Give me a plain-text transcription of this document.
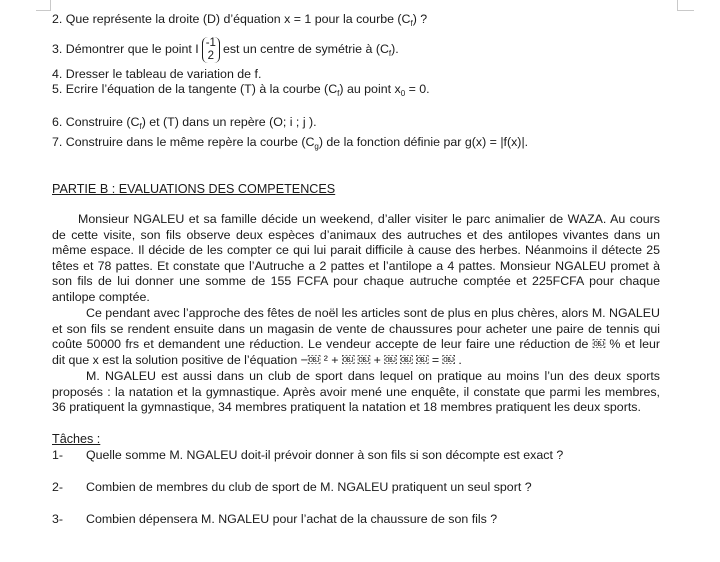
2. Que représente la droite (D) d’équation x = 1 pour la courbe $(C_f)$ ?
3. Démontrer que le point I -1
2 est un centre de symétrie à $(C_f)$.
4. Dresser le tableau de variation de f.
5. Ecrire l’équation de la tangente (T) à la courbe $(C_f)$ au point $x_0 = 0$.
6. Construire $(C_f)$ et (T) dans un repère (O; i ; j ).
7. Construire dans le même repère la courbe $(C_g)$ de la fonction définie par g(x) = |f(x)|.
PARTIE B : EVALUATIONS DES COMPETENCES
Monsieur NGALEU et sa famille décide un weekend, d’aller visiter le parc animalier de WAZA. Au cours de cette visite, son fils observe deux espèces d’animaux des autruches et des antilopes vivantes dans un même espace. Il décide de les compter ce qui lui parait difficile à cause des herbes. Néanmoins il détecte 25 têtes et 78 pattes. Et constate que l’Autruche a 2 pattes et l’antilope a 4 pattes. Monsieur NGALEU promet à son fils de lui donner une somme de 155 FCFA pour chaque autruche comptée et 225FCFA pour chaque antilope comptée.
Ce pendant avec l’approche des fêtes de noël les articles sont de plus en plus chères, alors M. NGALEU et son fils se rendent ensuite dans un magasin de vente de chaussures pour acheter une paire de tennis qui coûte 50000 frs et demandent une réduction. Le vendeur accepte de leur faire une réduction de ￼ % et leur dit que x est la solution positive de l’équation −￼ ² + ￼ ￼ + ￼ ￼ ￼ = ￼ .
M. NGALEU est aussi dans un club de sport dans lequel on pratique au moins l’un des deux sports proposés : la natation et la gymnastique. Après avoir mené une enquête, il constate que parmi les membres, 36 pratiquent la gymnastique, 34 membres pratiquent la natation et 18 membres pratiquent les deux sports.
Tâches :
1-	Quelle somme M. NGALEU doit-il prévoir donner à son fils si son décompte est exact ?
2-	Combien de membres du club de sport de M. NGALEU pratiquent un seul sport ?
3-	Combien dépensera M. NGALEU pour l’achat de la chaussure de son fils ?
